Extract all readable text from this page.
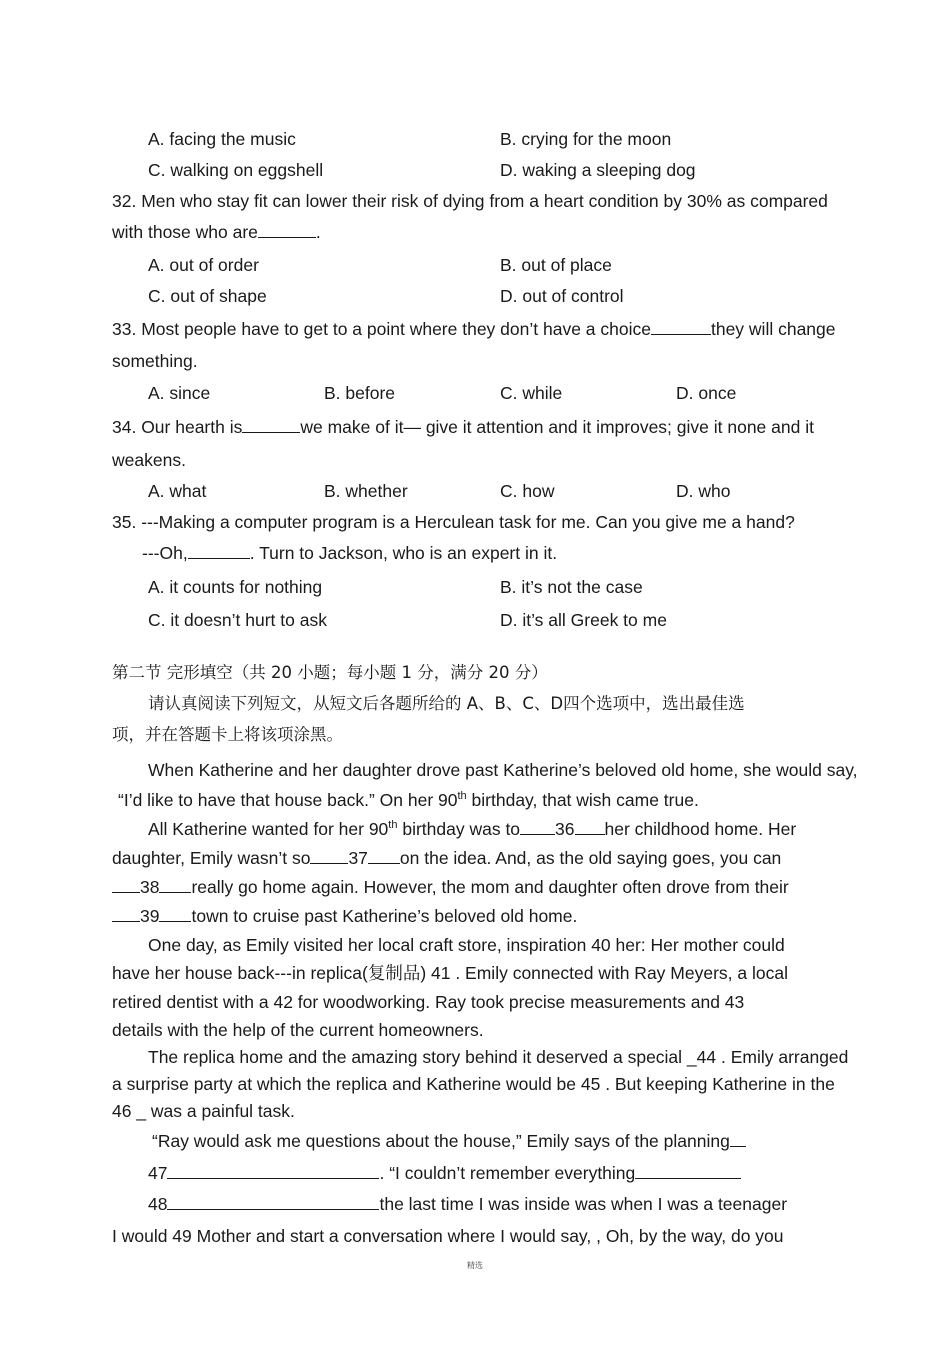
A. facing the music	B. crying for the moon
C. walking on eggshell	D. waking a sleeping dog
32. Men who stay fit can lower their risk of dying from a heart condition by 30% as compared
with those who are	.
A. out of order	B. out of place
C. out of shape	D. out of control
33. Most people have to get to a point where they don’t have a choice	they will change
something.
A. since	B. before	C. while	D. once
34. Our hearth is	we make of it— give it attention and it improves; give it none and it
weakens.
A. what	B. whether	C. how	D. who
35. ---Making a computer program is a Herculean task for me. Can you give me a hand?
---Oh,	. Turn to Jackson, who is an expert in it.
A. it counts for nothing	B. it’s not the case
C. it doesn’t hurt to ask	D. it’s all Greek to me
第二节 完形填空（共 20 小题；每小题 1 分，满分 20 分）
请认真阅读下列短文，从短文后各题所给的 A、B、C、D四个选项中，选出最佳选
项，并在答题卡上将该项涂黑。
When Katherine and her daughter drove past Katherine’s beloved old home, she would say,
“I’d like to have that house back.” On her 90th birthday, that wish came true.
All Katherine wanted for her 90th birthday was to 36 her childhood home. Her
daughter, Emily wasn’t so 37 on the idea. And, as the old saying goes, you can
38 really go home again. However, the mom and daughter often drove from their
39 town to cruise past Katherine’s beloved old home.
One day, as Emily visited her local craft store, inspiration 40 her: Her mother could
have her house back---in replica(复制品) 41 . Emily connected with Ray Meyers, a local
retired dentist with a 42 for woodworking. Ray took precise measurements and 43
details with the help of the current homeowners.
The replica home and the amazing story behind it deserved a special _44 . Emily arranged
a surprise party at which the replica and Katherine would be 45 . But keeping Katherine in the
46 _ was a painful task.
“Ray would ask me questions about the house,” Emily says of the planning
47	. “I couldn’t remember everything
48	the last time I was inside was when I was a teenager
I would 49 Mother and start a conversation where I would say, , Oh, by the way, do you
精选
